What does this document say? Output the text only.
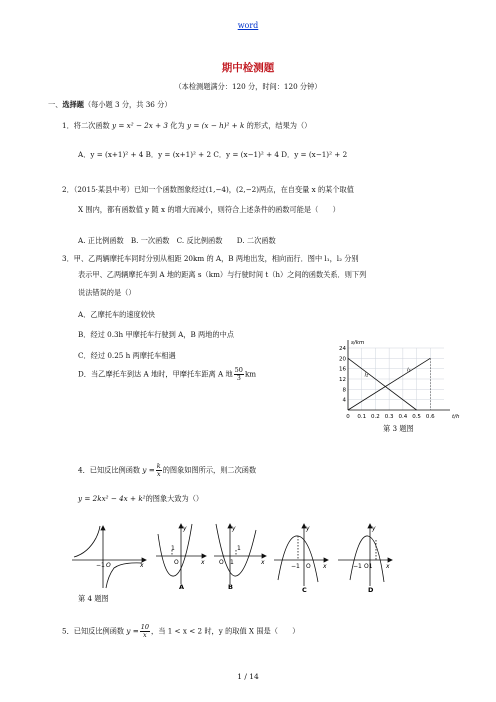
word
期中检测题
（本检测题满分：120 分，时间：120 分钟）
一、选择题（每小题 3 分，共 36 分）
1．将二次函数 y = x² − 2x + 3 化为 y = (x − h)² + k 的形式，结果为（）
A．y = (x+1)² + 4 B．y = (x+1)² + 2 C．y = (x−1)² + 4 D．y = (x−1)² + 2
2．（2015·某县中考）已知一个函数图象经过(1,−4)，(2,−2)两点，在自变量 x 的某个取值
X 围内，都有函数值 y 随 x 的增大而减小，则符合上述条件的函数可能是（　　）
A. 正比例函数　B. 一次函数　C. 反比例函数　　D. 二次函数
3．甲、乙两辆摩托车同时分别从相距 20km 的 A，B 两地出发，相向而行．图中 l₁，l₂ 分别
表示甲、乙两辆摩托车到 A 地的距离 s（km）与行驶时间 t（h）之间的函数关系．则下列
说法错误的是（）
A．乙摩托车的速度较快
B．经过 0.3h 甲摩托车行驶到 A，B 两地的中点
C．经过 0.25 h 两摩托车相遇
D．当乙摩托车到达 A 地时，甲摩托车距离 A 地 $\frac{50}{3}$ km
0 0.1 0.2 0.3 0.4 0.5 0.6
4
8
12
16
20
24
t/h
s/km
l₁
l₂
第 3 题图
4．已知反比例函数 $y = \frac{k}{x}$ 的图象如图所示，则二次函数
y = 2kx² − 4x + k²的图象大致为（）
−1 O	x
y
1
O	x
A
y
1
O 1	x
B
y
−1 O x
C
y
−1 O1 x
D
第 4 题图
5．已知反比例函数 $y = \frac{10}{x}$ ，当 1 < x < 2 时，y 的取值 X 围是（　　）
1 / 14
